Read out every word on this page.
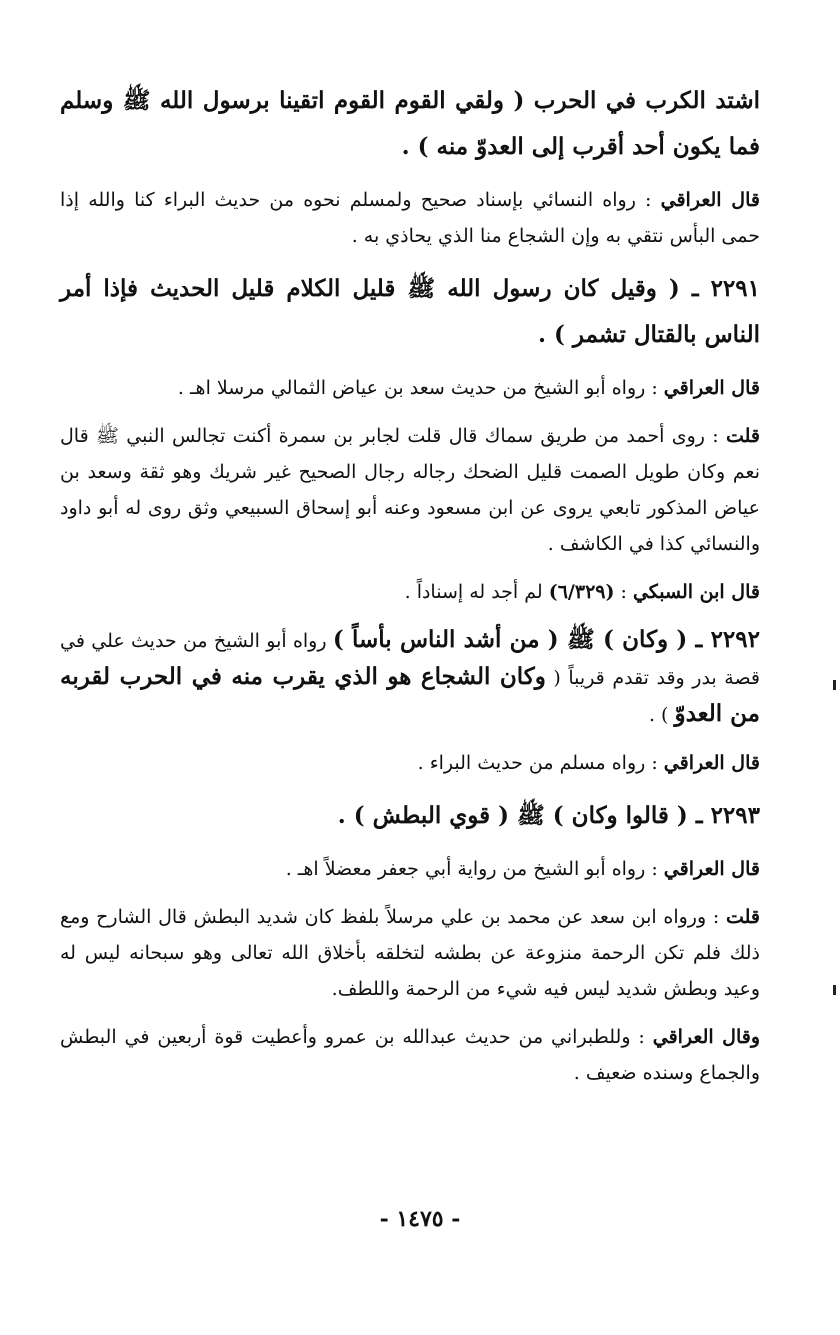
اشتد الكرب في الحرب ( ولقي القوم القوم اتقينا برسول الله ﷺ وسلم فما يكون أحد أقرب إلى العدوّ منه ) .

قال العراقي : رواه النسائي بإسناد صحيح ولمسلم نحوه من حديث البراء كنا والله إذا حمى البأس نتقي به وإن الشجاع منا الذي يحاذي به .

٢٢٩١ ـ ( وقيل كان رسول الله ﷺ قليل الكلام قليل الحديث فإذا أمر الناس بالقتال تشمر ) .

قال العراقي : رواه أبو الشيخ من حديث سعد بن عياض الثمالي مرسلا اهـ .

قلت : روى أحمد من طريق سماك قال قلت لجابر بن سمرة أكنت تجالس النبي ﷺ قال نعم وكان طويل الصمت قليل الضحك رجاله رجال الصحيح غير شريك وهو ثقة وسعد بن عياض المذكور تابعي يروى عن ابن مسعود وعنه أبو إسحاق السبيعي وثق روى له أبو داود والنسائي كذا في الكاشف .

قال ابن السبكي : (٦/٣٢٩) لم أجد له إسناداً .

٢٢٩٢ ـ ( وكان ) ﷺ ( من أشد الناس بأساً ) رواه أبو الشيخ من حديث علي في قصة بدر وقد تقدم قريباً ( وكان الشجاع هو الذي يقرب منه في الحرب لقربه من العدوّ ) .

قال العراقي : رواه مسلم من حديث البراء .

٢٢٩٣ ـ ( قالوا وكان ) ﷺ ( قوي البطش ) .

قال العراقي : رواه أبو الشيخ من رواية أبي جعفر معضلاً اهـ .

قلت : ورواه ابن سعد عن محمد بن علي مرسلاً بلفظ كان شديد البطش قال الشارح ومع ذلك فلم تكن الرحمة منزوعة عن بطشه لتخلقه بأخلاق الله تعالى وهو سبحانه ليس له وعيد وبطش شديد ليس فيه شيء من الرحمة واللطف.

وقال العراقي : وللطبراني من حديث عبدالله بن عمرو وأعطيت قوة أربعين في البطش والجماع وسنده ضعيف .

- ١٤٧٥ -
